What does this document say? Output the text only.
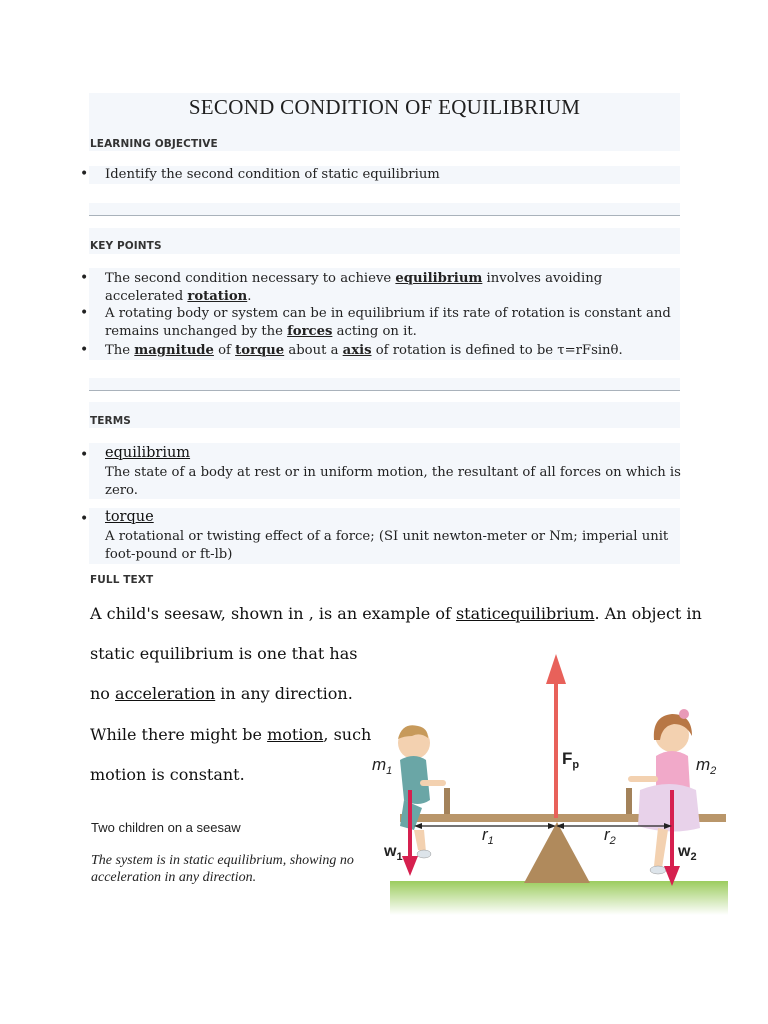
SECOND CONDITION OF EQUILIBRIUM
LEARNING OBJECTIVE
• Identify the second condition of static equilibrium
KEY POINTS
• The second condition necessary to achieve equilibrium involves avoiding
accelerated rotation.
• A rotating body or system can be in equilibrium if its rate of rotation is constant and
remains unchanged by the forces acting on it.
• The magnitude of torque about a axis of rotation is defined to be τ=rFsinθ.
TERMS
• equilibrium
The state of a body at rest or in uniform motion, the resultant of all forces on which is
zero.
• torque
A rotational or twisting effect of a force; (SI unit newton-meter or Nm; imperial unit
foot-pound or ft-lb)
FULL TEXT
A child's seesaw, shown in , is an example of staticequilibrium. An object in
static equilibrium is one that has
no acceleration in any direction.
While there might be motion, such
motion is constant.
Two children on a seesaw
The system is in static equilibrium, showing no acceleration in any direction.
$m_1$	$m_2$
$F_p$
$r_1$	$r_2$
$w_1$	$w_2$
